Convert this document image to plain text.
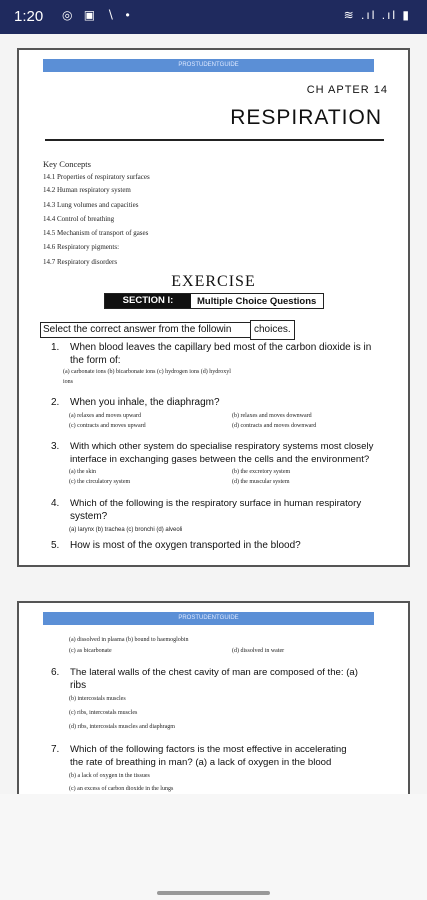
1:20 ◎ ▣ ∖ •	≋ .ıl .ıl ▮
PROSTUDENTGUIDE
CH APTER 14
RESPIRATION
Key Concepts
14.1 Properties of respiratory surfaces
14.2 Human respiratory system
14.3 Lung volumes and capacities
14.4 Control of breathing
14.5 Mechanism of transport of gases
14.6 Respiratory pigments:
14.7 Respiratory disorders
EXERCISE
SECTION I:	Multiple Choice Questions
Select the correct answer from the followin	choices.
1. When blood leaves the capillary bed most of the carbon dioxide is in
the form of:
(a) carbonate ions (b) bicarbonate ions (c) hydrogen ions (d) hydroxyl
ions
2. When you inhale, the diaphragm?
(a) relaxes and moves upward	(b) relaxes and moves downward
(c) contracts and moves upward	(d) contracts and moves downward
3. With which other system do specialise respiratory systems most closely
interface in exchanging gases between the cells and the environment?
(a) the skin	(b) the excretory system
(c) the circulatory system	(d) the muscular system
4. Which of the following is the respiratory surface in human respiratory
system?
(a) larynx (b) trachea (c) bronchi (d) alveoli
5. How is most of the oxygen transported in the blood?
PROSTUDENTGUIDE
(a) dissolved in plasma (b) bound to haemoglobin
(c) as bicarbonate	(d) dissolved in water
6. The lateral walls of the chest cavity of man are composed of the: (a)
ribs
(b) intercostals muscles
(c) ribs, intercostals muscles
(d) ribs, intercostals muscles and diaphragm
7. Which of the following factors is the most effective in accelerating
the rate of breathing in man? (a) a lack of oxygen in the blood
(b) a lack of oxygen in the tissues
(c) an excess of carbon dioxide in the lungs
